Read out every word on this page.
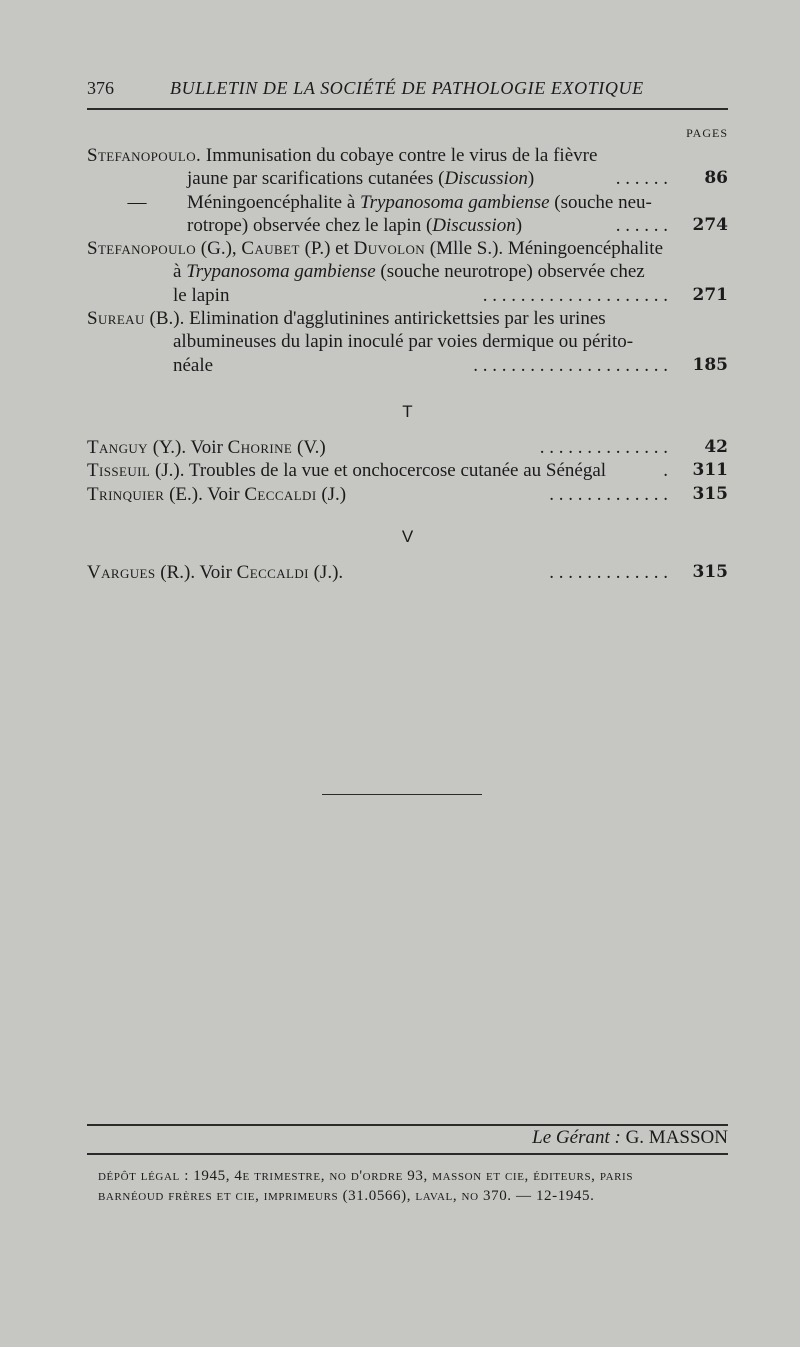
376	BULLETIN DE LA SOCIÉTÉ DE PATHOLOGIE EXOTIQUE
PAGES
Stefanopoulo. Immunisation du cobaye contre le virus de la fièvre
jaune par scarifications cutanées (Discussion)	. . . . . . 86
—	Méningoencéphalite à Trypanosoma gambiense (souche neu-
rotrope) observée chez le lapin (Discussion)	. . . . . . 274
Stefanopoulo (G.), Caubet (P.) et Duvolon (Mlle S.). Méningoencéphalite
à Trypanosoma gambiense (souche neurotrope) observée chez
le lapin	. . . . . . . . . . . . . . . . . . . . 271
Sureau (B.). Elimination d'agglutinines antirickettsies par les urines
albumineuses du lapin inoculé par voies dermique ou périto-
néale	. . . . . . . . . . . . . . . . . . . . . 185
T
Tanguy (Y.). Voir Chorine (V.)	. . . . . . . . . . . . . . 42
Tisseuil (J.). Troubles de la vue et onchocercose cutanée au Sénégal	. 311
Trinquier (E.). Voir Ceccaldi (J.)	. . . . . . . . . . . . . 315
V
Vargues (R.). Voir Ceccaldi (J.).	. . . . . . . . . . . . . 315
Le Gérant : G. MASSON
dépôt légal : 1945, 4e trimestre, no d'ordre 93, masson et cie, éditeurs, paris
barnéoud frères et cie, imprimeurs (31.0566), laval, no 370. — 12-1945.
